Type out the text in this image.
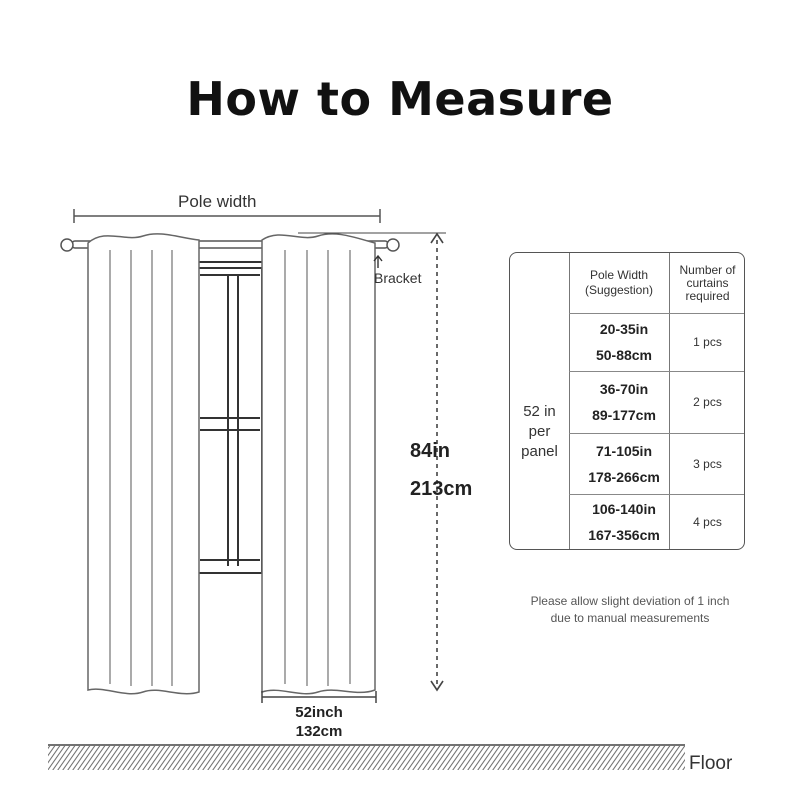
How to Measure
Pole width
Bracket
84in
213cm
52inch
132cm
Floor
Pole Width
(Suggestion)
Number of
curtains
required
52 in
per
panel
20-35in
50-88cm
1 pcs
36-70in
89-177cm
2 pcs
71-105in
178-266cm
3 pcs
106-140in
167-356cm
4 pcs
Please allow slight deviation of 1 inch
due to manual measurements
